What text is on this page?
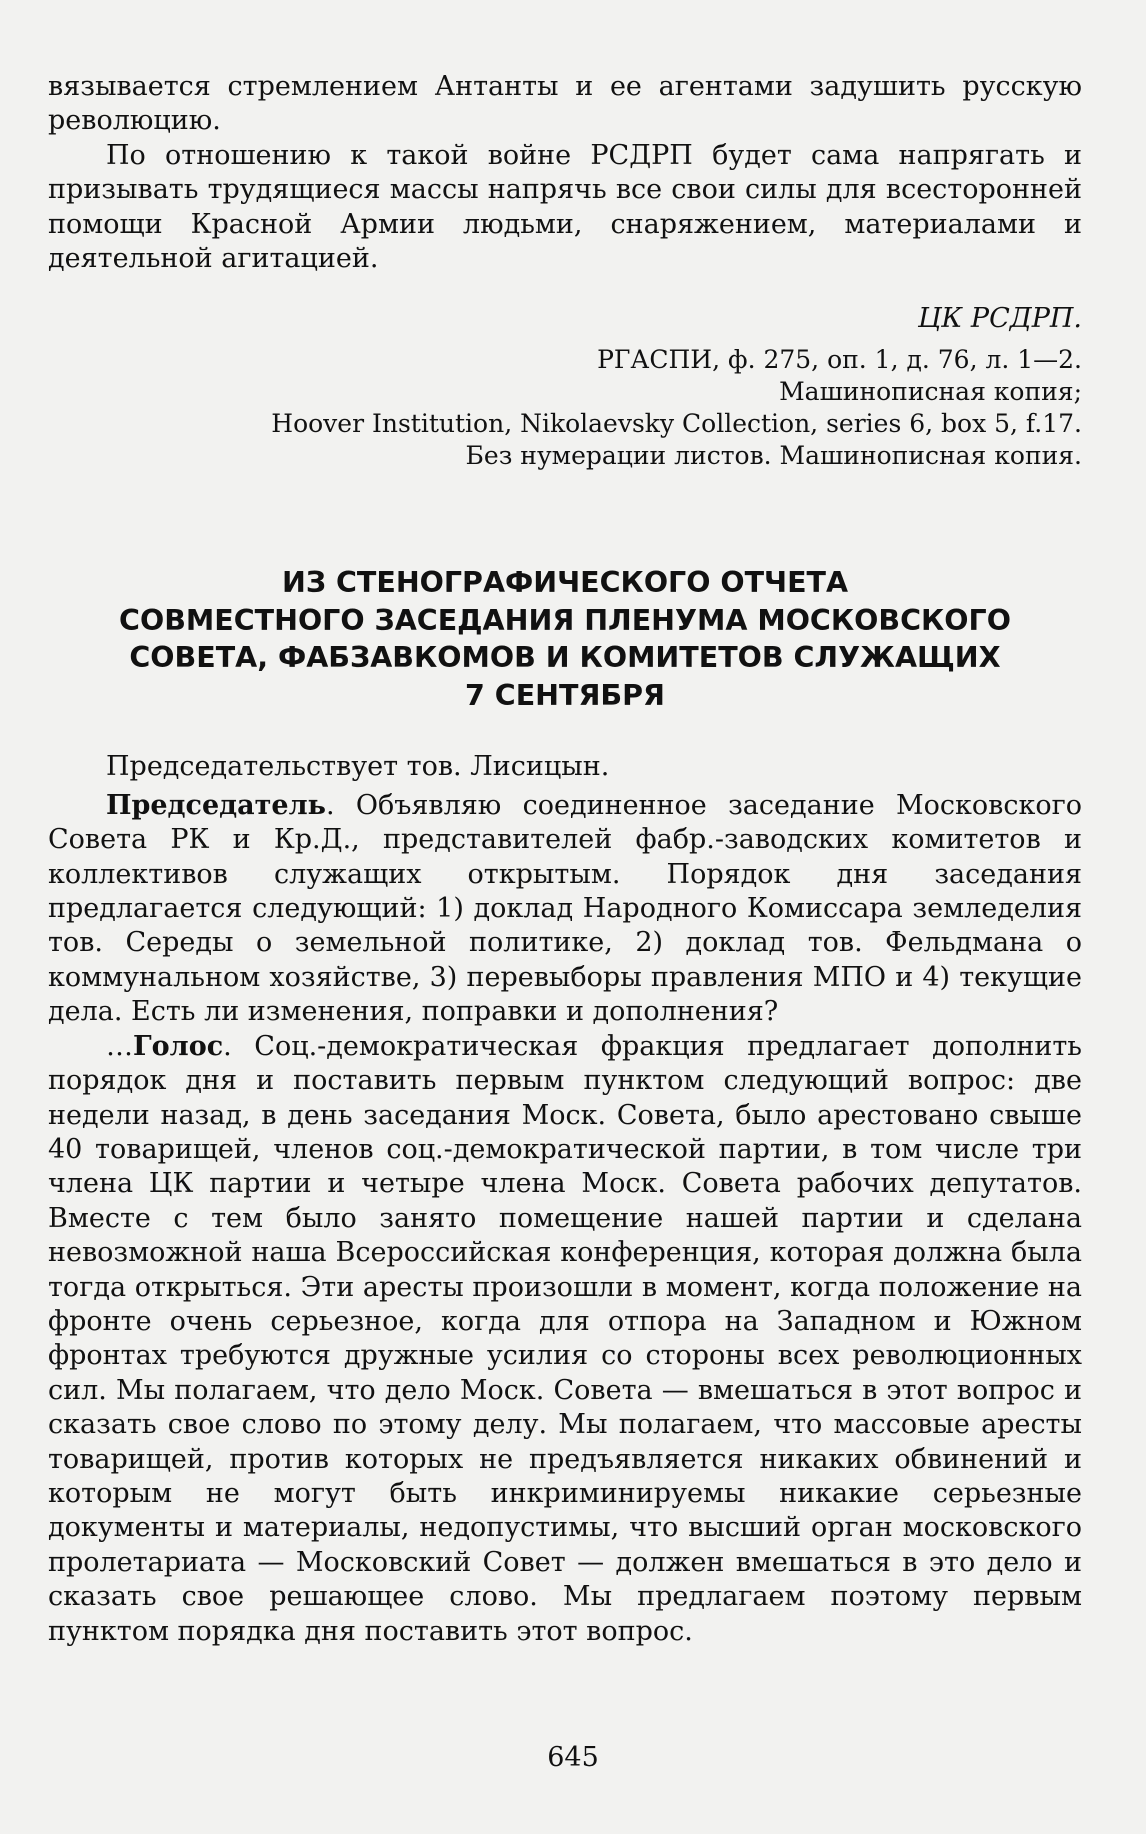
вязывается стремлением Антанты и ее агентами задушить русскую революцию.

По отношению к такой войне РСДРП будет сама напрягать и призывать трудящиеся массы напрячь все свои силы для всесторонней помощи Красной Армии людьми, снаряжением, материалами и деятельной агитацией.

ЦК РСДРП.

РГАСПИ, ф. 275, оп. 1, д. 76, л. 1—2.

Машинописная копия;

Hoover Institution, Nikolaevsky Collection, series 6, box 5, f.17.

Без нумерации листов. Машинописная копия.

ИЗ СТЕНОГРАФИЧЕСКОГО ОТЧЕТА
СОВМЕСТНОГО ЗАСЕДАНИЯ ПЛЕНУМА МОСКОВСКОГО
СОВЕТА, ФАБЗАВКОМОВ И КОМИТЕТОВ СЛУЖАЩИХ
7 СЕНТЯБРЯ

Председательствует тов. Лисицын.

Председатель. Объявляю соединенное заседание Московского Совета РК и Кр.Д., представителей фабр.-заводских комитетов и коллективов служащих открытым. Порядок дня заседания предлагается следующий: 1) доклад Народного Комиссара земледелия тов. Середы о земельной политике, 2) доклад тов. Фельдмана о коммунальном хозяйстве, 3) перевыборы правления МПО и 4) текущие дела. Есть ли изменения, поправки и дополнения?

…Голос. Соц.-демократическая фракция предлагает дополнить порядок дня и поставить первым пунктом следующий вопрос: две недели назад, в день заседания Моск. Совета, было арестовано свыше 40 товарищей, членов соц.-демократической партии, в том числе три члена ЦК партии и четыре члена Моск. Совета рабочих депутатов. Вместе с тем было занято помещение нашей партии и сделана невозможной наша Всероссийская конференция, которая должна была тогда открыться. Эти аресты произошли в момент, когда положение на фронте очень серьезное, когда для отпора на Западном и Южном фронтах требуются дружные усилия со стороны всех революционных сил. Мы полагаем, что дело Моск. Совета — вмешаться в этот вопрос и сказать свое слово по этому делу. Мы полагаем, что массовые аресты товарищей, против которых не предъявляется никаких обвинений и которым не могут быть инкриминируемы никакие серьезные документы и материалы, недопустимы, что высший орган московского пролетариата — Московский Совет — должен вмешаться в это дело и сказать свое решающее слово. Мы предлагаем поэтому первым пунктом порядка дня поставить этот вопрос.

645
